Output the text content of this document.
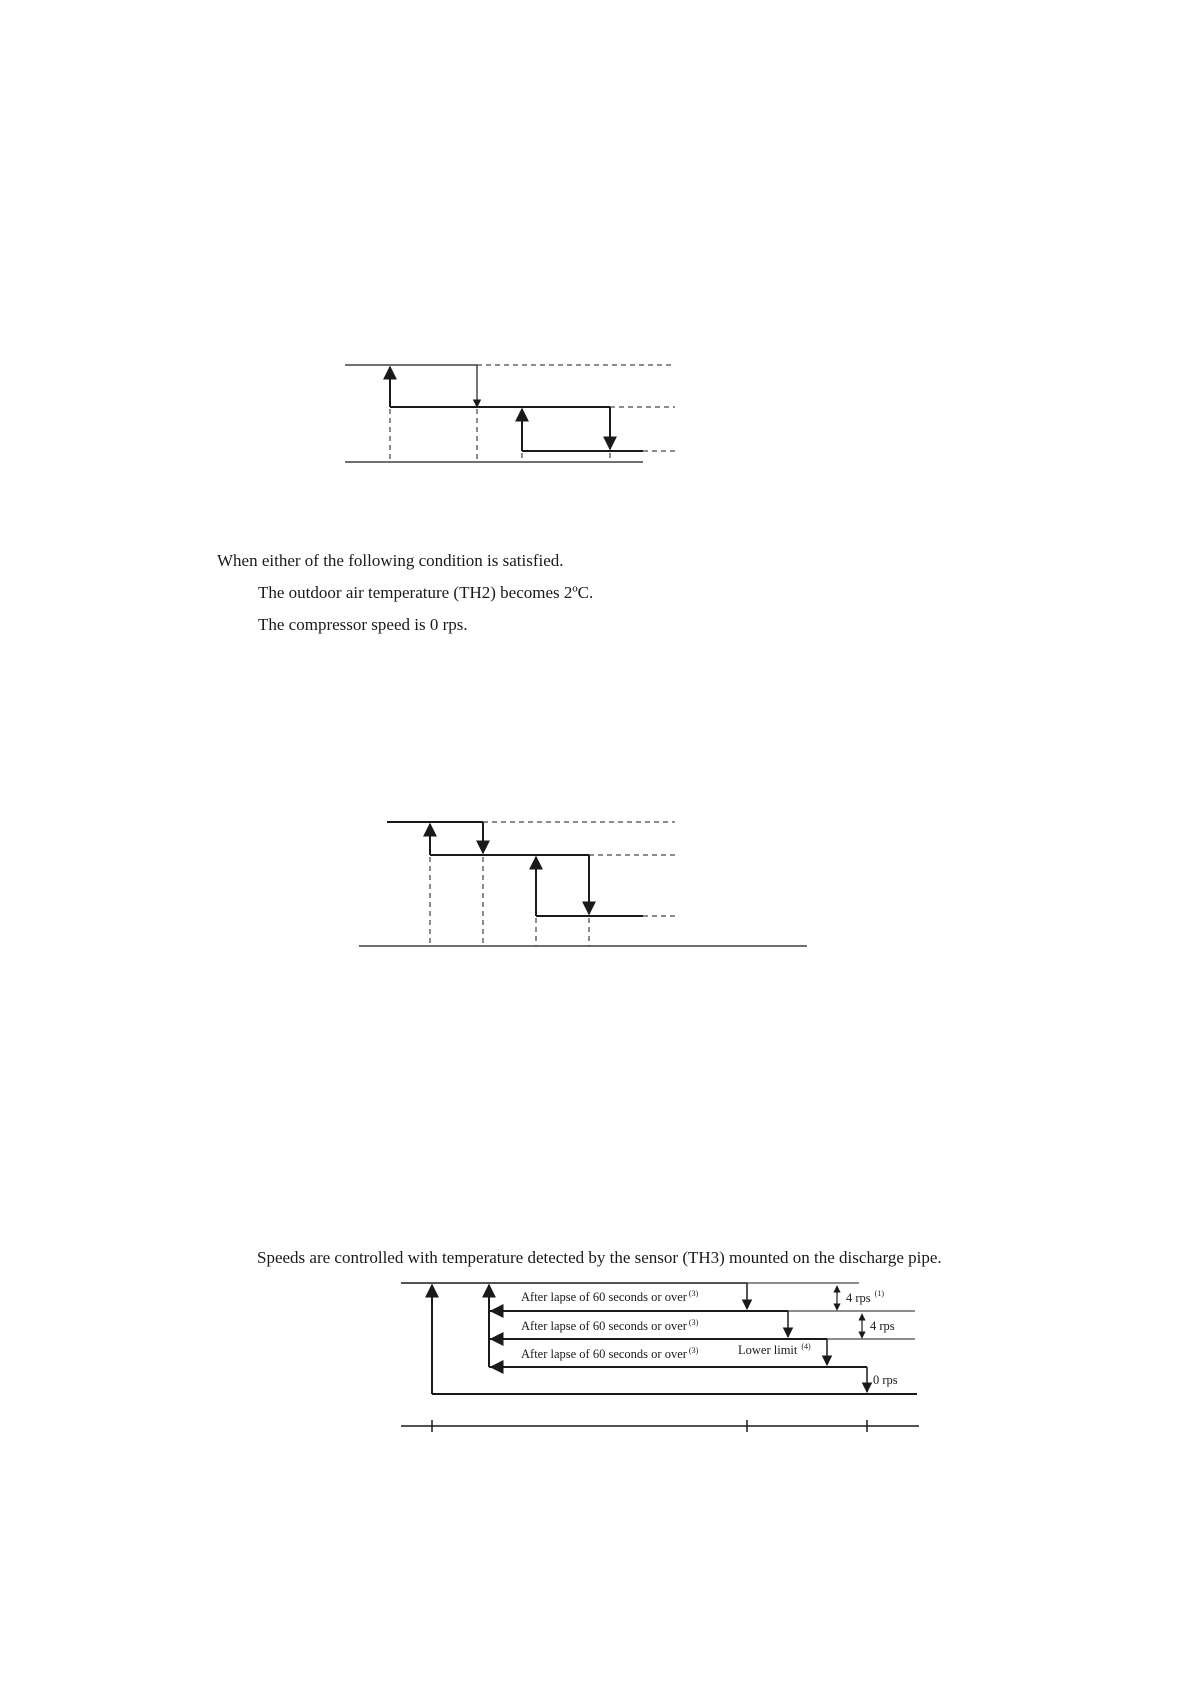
When either of the following condition is satisfied.
The outdoor air temperature (TH2) becomes 2ºC.
The compressor speed is 0 rps.
Speeds are controlled with temperature detected by the sensor (TH3) mounted on the discharge pipe.
After lapse of 60 seconds or over $^{(3)}$
After lapse of 60 seconds or over $^{(3)}$
After lapse of 60 seconds or over $^{(3)}$	Lower limit $^{(4)}$
4 rps $^{(1)}$
4 rps
0 rps
